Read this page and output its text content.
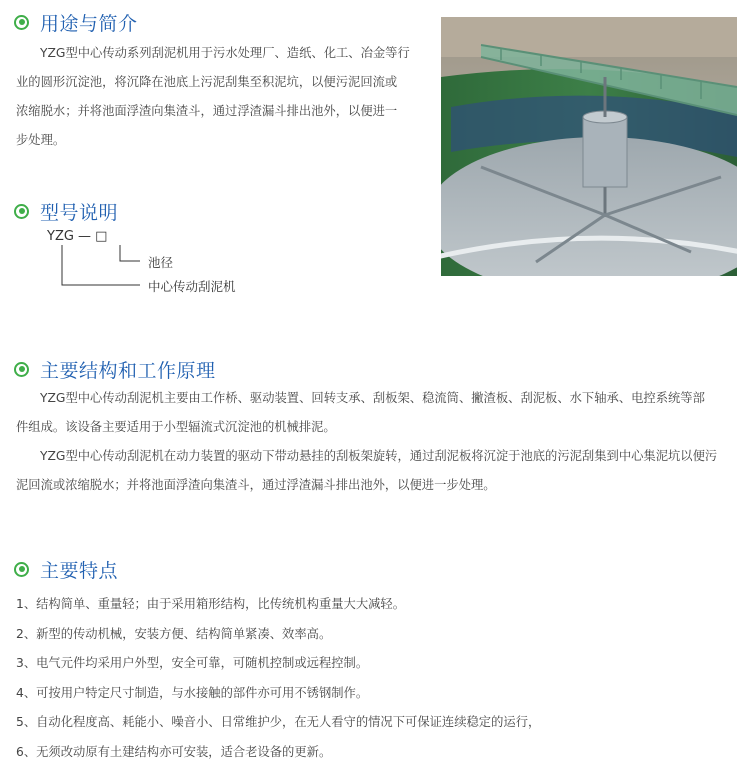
用途与简介

YZG型中心传动系列刮泥机用于污水处理厂、造纸、化工、冶金等行

业的圆形沉淀池，将沉降在池底上污泥刮集至积泥坑，以便污泥回流或

浓缩脱水；并将池面浮渣向集渣斗，通过浮渣漏斗排出池外，以便进一

步处理。

型号说明
YZG — □
池径
中心传动刮泥机
主要结构和工作原理

YZG型中心传动刮泥机主要由工作桥、驱动装置、回转支承、刮板架、稳流筒、撇渣板、刮泥板、水下轴承、电控系统等部

件组成。该设备主要适用于小型辐流式沉淀池的机械排泥。

YZG型中心传动刮泥机在动力装置的驱动下带动悬挂的刮板架旋转，通过刮泥板将沉淀于池底的污泥刮集到中心集泥坑以便污

泥回流或浓缩脱水；并将池面浮渣向集渣斗，通过浮渣漏斗排出池外，以便进一步处理。

主要特点
1、结构简单、重量轻；由于采用箱形结构，比传统机构重量大大减轻。
2、新型的传动机械，安装方便、结构简单紧凑、效率高。
3、电气元件均采用户外型，安全可靠，可随机控制或远程控制。
4、可按用户特定尺寸制造，与水接触的部件亦可用不锈钢制作。
5、自动化程度高、耗能小、噪音小、日常维护少，在无人看守的情况下可保证连续稳定的运行，
6、无须改动原有土建结构亦可安装，适合老设备的更新。
